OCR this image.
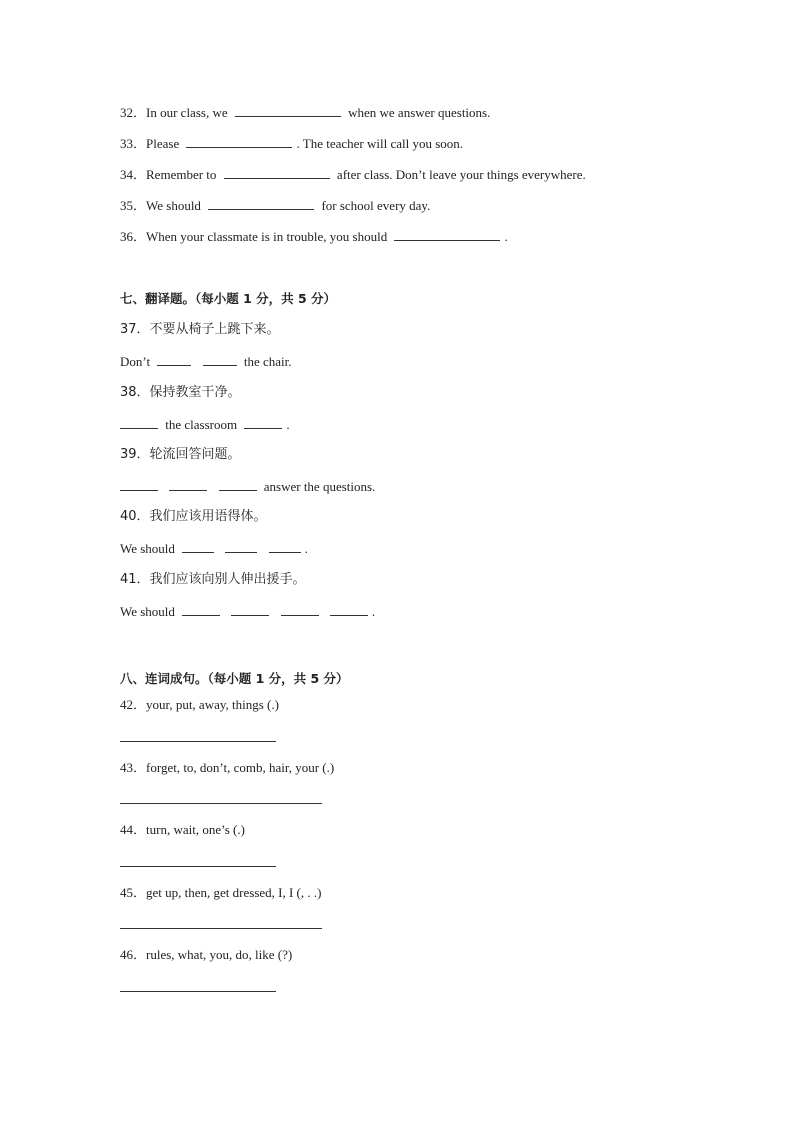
32．In our class, we	when we answer questions.
33．Please	. The teacher will call you soon.
34．Remember to	after class. Don’t leave your things everywhere.
35．We should	for school every day.
36．When your classmate is in trouble, you should	.
七、翻译题。（每小题 1 分，共 5 分）
37．不要从椅子上跳下来。
Don’t	the chair.
38．保持教室干净。
the classroom	.
39．轮流回答问题。
answer the questions.
40．我们应该用语得体。
We should	.
41．我们应该向别人伸出援手。
We should	.
八、连词成句。（每小题 1 分，共 5 分）
42．your, put, away, things (.)
43．forget, to, don’t, comb, hair, your (.)
44．turn, wait, one’s (.)
45．get up, then, get dressed, I, I (, . .)
46．rules, what, you, do, like (?)
